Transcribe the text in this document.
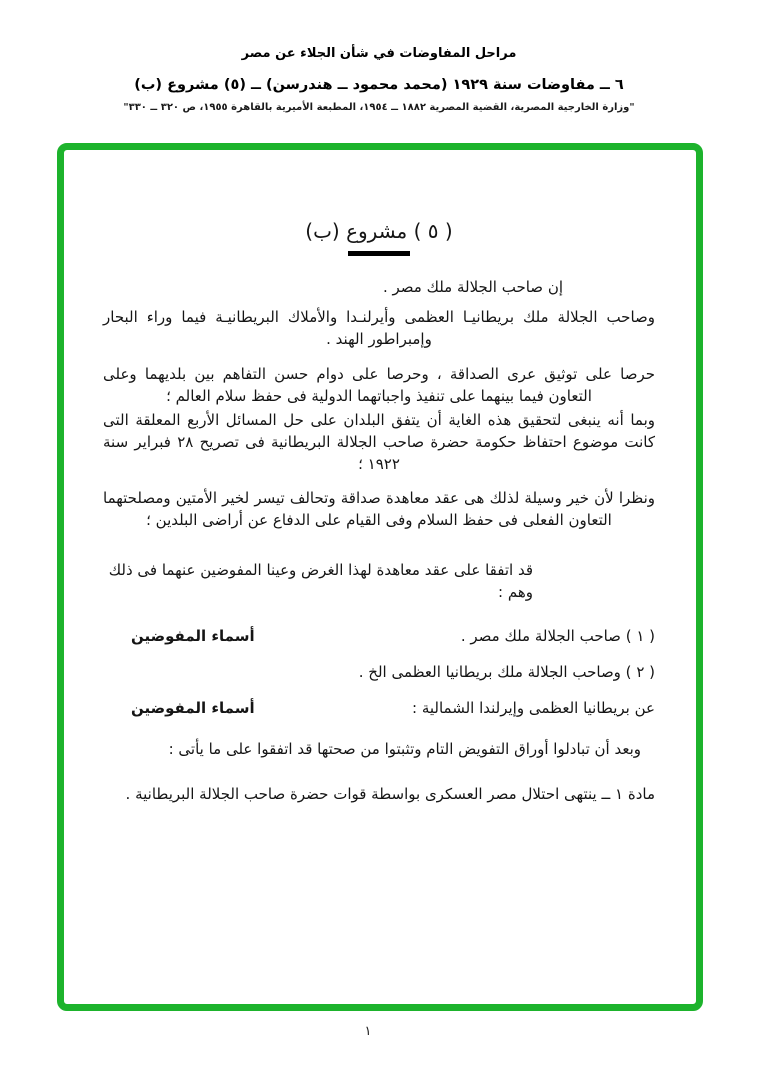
مراحل المفاوضات في شأن الجلاء عن مصر

٦ ــ مفاوضات سنة ١٩٢٩ (محمد محمود ــ هندرسن) ــ (٥) مشروع (ب)

"وزارة الخارجية المصرية، القضية المصرية ١٨٨٢ ــ ١٩٥٤، المطبعة الأميرية بالقاهرة ١٩٥٥، ص ٣٢٠ ــ ٣٣٠"

( ٥ ) مشروع (ب)

إن صاحب الجلالة ملك مصر .

وصاحب الجلالة ملك بريطانيـا العظمى وأيرلنـدا والأملاك البريطانيـة فيما وراء البحار وإمبراطور الهند .

حرصا على توثيق عرى الصداقة ، وحرصا على دوام حسن التفاهم بين بلديهما وعلى التعاون فيما بينهما على تنفيذ واجباتهما الدولية فى حفظ سلام العالم ؛

وبما أنه ينبغى لتحقيق هذه الغاية أن يتفق البلدان على حل المسائل الأربع المعلقة التى كانت موضوع احتفاظ حكومة حضرة صاحب الجلالة البريطانية فى تصريح ٢٨ فبراير سنة ١٩٢٢ ؛

ونظرا لأن خير وسيلة لذلك هى عقد معاهدة صداقة وتحالف تيسر لخير الأمتين ومصلحتهما التعاون الفعلى فى حفظ السلام وفى القيام على الدفاع عن أراضى البلدين ؛

قد اتفقا على عقد معاهدة لهذا الغرض وعينا المفوضين عنهما فى ذلك وهم :

( ١ ) صاحب الجلالة ملك مصر .
أسماء المفوضين
( ٢ ) وصاحب الجلالة ملك بريطانيا العظمى الخ .
عن بريطانيا العظمى وإيرلندا الشمالية :
أسماء المفوضين

وبعد أن تبادلوا أوراق التفويض التام وتثبتوا من صحتها قد اتفقوا على ما يأتى :

مادة ١ ــ ينتهى احتلال مصر العسكرى بواسطة قوات حضرة صاحب الجلالة البريطانية .

١
